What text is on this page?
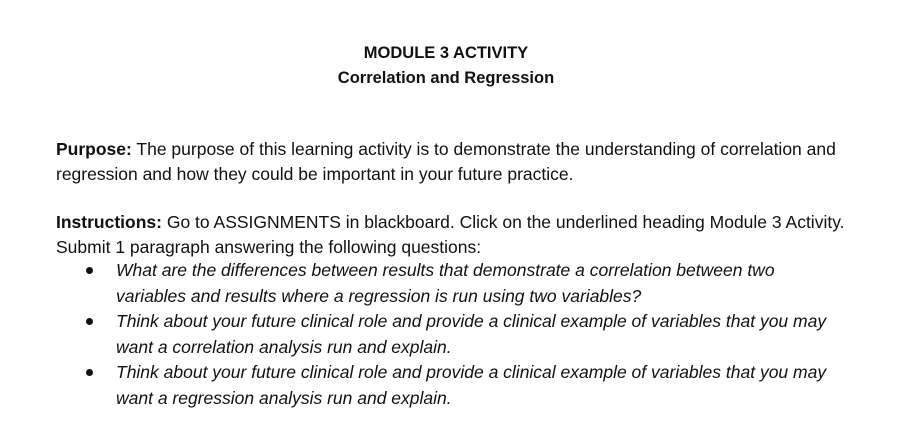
MODULE 3 ACTIVITY
Correlation and Regression
Purpose: The purpose of this learning activity is to demonstrate the understanding of correlation and regression and how they could be important in your future practice.
Instructions: Go to ASSIGNMENTS in blackboard. Click on the underlined heading Module 3 Activity. Submit 1 paragraph answering the following questions:
What are the differences between results that demonstrate a correlation between two variables and results where a regression is run using two variables?
Think about your future clinical role and provide a clinical example of variables that you may want a correlation analysis run and explain.
Think about your future clinical role and provide a clinical example of variables that you may want a regression analysis run and explain.
